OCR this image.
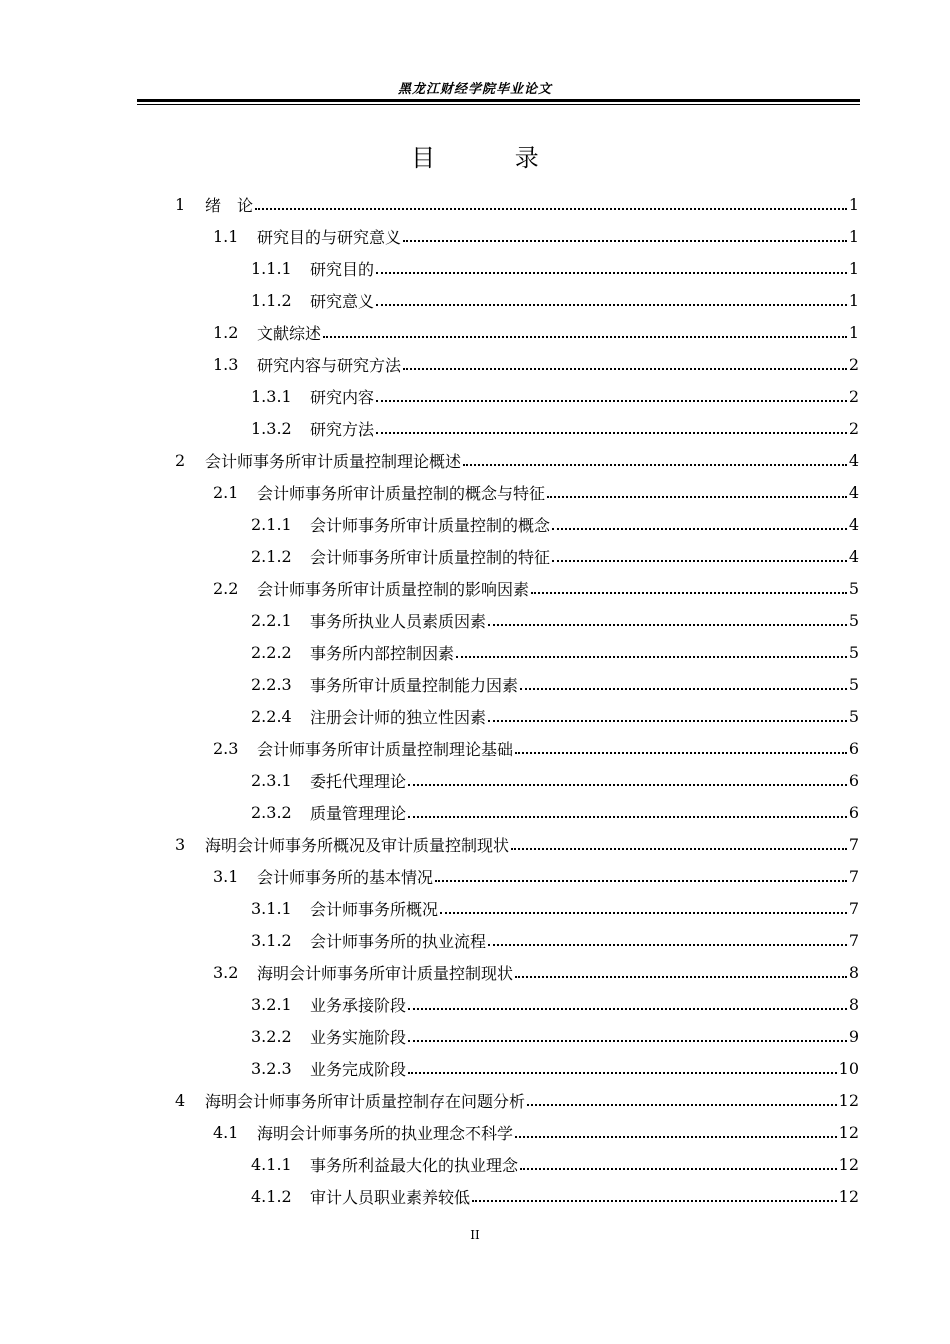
黑龙江财经学院毕业论文
目 录
1	绪　论	1
1.1	研究目的与研究意义	1
1.1.1	研究目的	1
1.1.2	研究意义	1
1.2	文献综述	1
1.3	研究内容与研究方法	2
1.3.1	研究内容	2
1.3.2	研究方法	2
2	会计师事务所审计质量控制理论概述	4
2.1	会计师事务所审计质量控制的概念与特征	4
2.1.1	会计师事务所审计质量控制的概念	4
2.1.2	会计师事务所审计质量控制的特征	4
2.2	会计师事务所审计质量控制的影响因素	5
2.2.1	事务所执业人员素质因素	5
2.2.2	事务所内部控制因素	5
2.2.3	事务所审计质量控制能力因素	5
2.2.4	注册会计师的独立性因素	5
2.3	会计师事务所审计质量控制理论基础	6
2.3.1	委托代理理论	6
2.3.2	质量管理理论	6
3	海明会计师事务所概况及审计质量控制现状	7
3.1	会计师事务所的基本情况	7
3.1.1	会计师事务所概况	7
3.1.2	会计师事务所的执业流程	7
3.2	海明会计师事务所审计质量控制现状	8
3.2.1	业务承接阶段	8
3.2.2	业务实施阶段	9
3.2.3	业务完成阶段	10
4	海明会计师事务所审计质量控制存在问题分析	12
4.1	海明会计师事务所的执业理念不科学	12
4.1.1	事务所利益最大化的执业理念	12
4.1.2	审计人员职业素养较低	12
II
